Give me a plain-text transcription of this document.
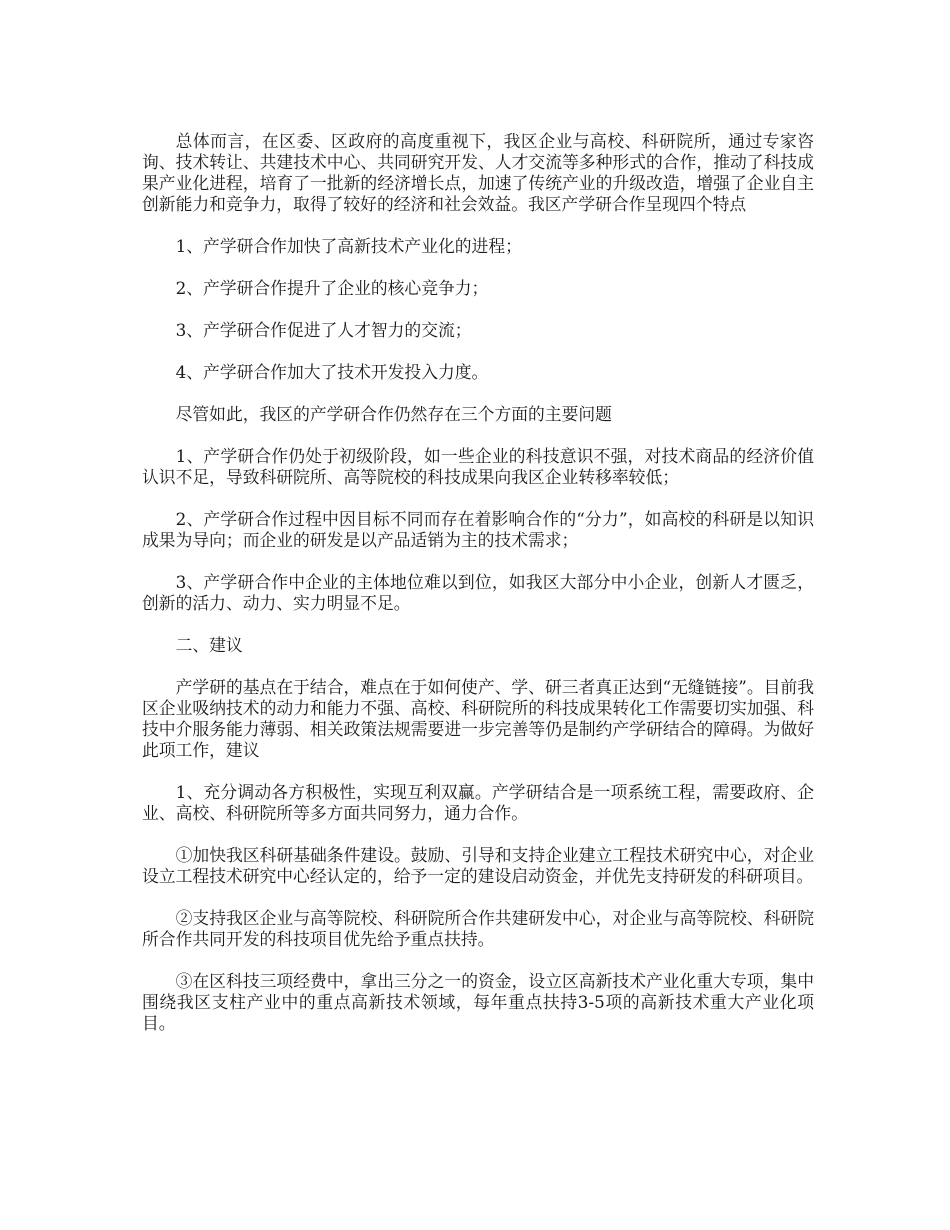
总体而言，在区委、区政府的高度重视下，我区企业与高校、科研院所，通过专家咨询、技术转让、共建技术中心、共同研究开发、人才交流等多种形式的合作，推动了科技成果产业化进程，培育了一批新的经济增长点，加速了传统产业的升级改造，增强了企业自主创新能力和竞争力，取得了较好的经济和社会效益。我区产学研合作呈现四个特点

1、产学研合作加快了高新技术产业化的进程；

2、产学研合作提升了企业的核心竞争力；

3、产学研合作促进了人才智力的交流；

4、产学研合作加大了技术开发投入力度。

尽管如此，我区的产学研合作仍然存在三个方面的主要问题

1、产学研合作仍处于初级阶段，如一些企业的科技意识不强，对技术商品的经济价值认识不足，导致科研院所、高等院校的科技成果向我区企业转移率较低；

2、产学研合作过程中因目标不同而存在着影响合作的“分力”，如高校的科研是以知识成果为导向；而企业的研发是以产品适销为主的技术需求；

3、产学研合作中企业的主体地位难以到位，如我区大部分中小企业，创新人才匮乏，创新的活力、动力、实力明显不足。

二、建议

产学研的基点在于结合，难点在于如何使产、学、研三者真正达到“无缝链接”。目前我区企业吸纳技术的动力和能力不强、高校、科研院所的科技成果转化工作需要切实加强、科技中介服务能力薄弱、相关政策法规需要进一步完善等仍是制约产学研结合的障碍。为做好此项工作，建议

1、充分调动各方积极性，实现互利双赢。产学研结合是一项系统工程，需要政府、企业、高校、科研院所等多方面共同努力，通力合作。

①加快我区科研基础条件建设。鼓励、引导和支持企业建立工程技术研究中心，对企业设立工程技术研究中心经认定的，给予一定的建设启动资金，并优先支持研发的科研项目。

②支持我区企业与高等院校、科研院所合作共建研发中心，对企业与高等院校、科研院所合作共同开发的科技项目优先给予重点扶持。

③在区科技三项经费中，拿出三分之一的资金，设立区高新技术产业化重大专项，集中围绕我区支柱产业中的重点高新技术领域，每年重点扶持3-5项的高新技术重大产业化项目。
